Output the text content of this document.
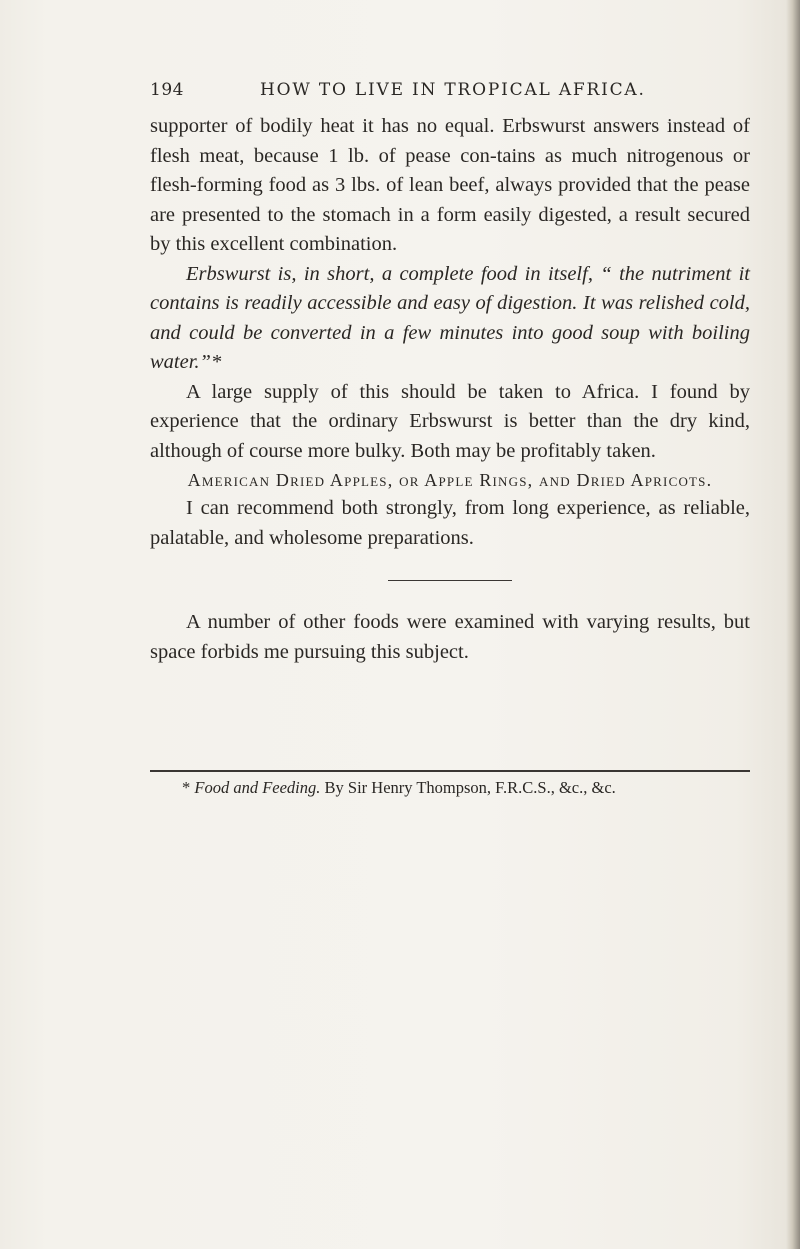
194	HOW TO LIVE IN TROPICAL AFRICA.

supporter of bodily heat it has no equal. Erbswurst answers instead of flesh meat, because 1 lb. of pease con-tains as much nitrogenous or flesh-forming food as 3 lbs. of lean beef, always provided that the pease are presented to the stomach in a form easily digested, a result secured by this excellent combination.

Erbswurst is, in short, a complete food in itself, “ the nutriment it contains is readily accessible and easy of digestion. It was relished cold, and could be converted in a few minutes into good soup with boiling water.”*

A large supply of this should be taken to Africa. I found by experience that the ordinary Erbswurst is better than the dry kind, although of course more bulky. Both may be profitably taken.

American Dried Apples, or Apple Rings, and Dried Apricots.

I can recommend both strongly, from long experience, as reliable, palatable, and wholesome preparations.

A number of other foods were examined with varying results, but space forbids me pursuing this subject.

* Food and Feeding. By Sir Henry Thompson, F.R.C.S., &c., &c.
